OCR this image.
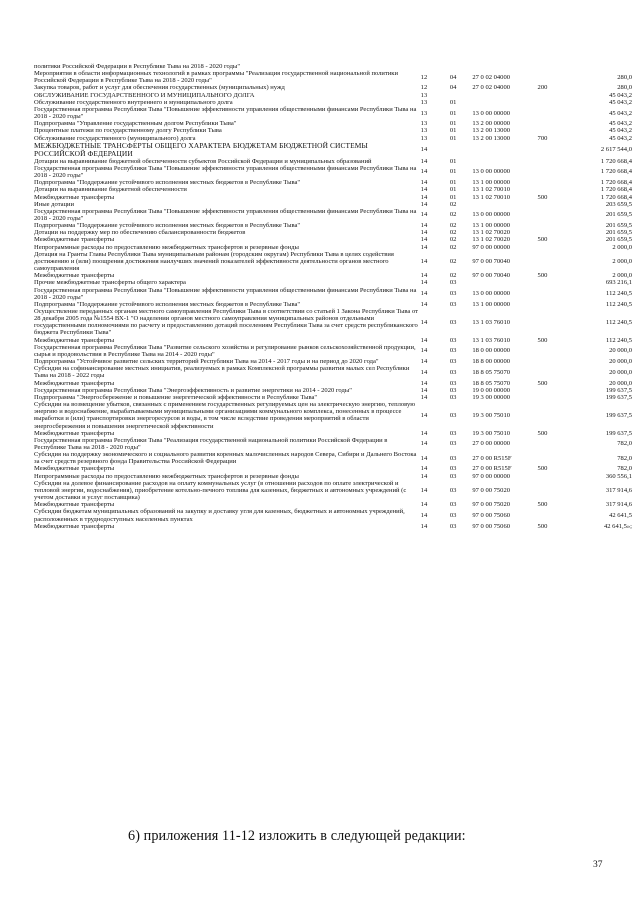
политики Российской Федерации в Республике Тыва на 2018 - 2020 годы"					
Мероприятия в области информационных технологий в рамках программы "Реализация государственной национальной политики Российской Федерации в Республике Тыва на 2018 - 2020 годы"	12	04	27 0 02 04000		280,0
Закупка товаров, работ и услуг для обеспечения государственных (муниципальных) нужд	12	04	27 0 02 04000	200	280,0
ОБСЛУЖИВАНИЕ ГОСУДАРСТВЕННОГО И МУНИЦИПАЛЬНОГО ДОЛГА	13				45 043,2
Обслуживание государственного внутреннего и муниципального долга	13	01			45 043,2
Государственная программа Республики Тыва "Повышение эффективности управления общественными финансами Республики Тыва на 2018 - 2020 годы"	13	01	13 0 00 00000		45 043,2
Подпрограмма "Управление государственным долгом Республики Тыва"	13	01	13 2 00 00000		45 043,2
Процентные платежи по государственному долгу Республики Тыва	13	01	13 2 00 13000		45 043,2
Обслуживание государственного (муниципального) долга	13	01	13 2 00 13000	700	45 043,2
МЕЖБЮДЖЕТНЫЕ ТРАНСФЕРТЫ ОБЩЕГО ХАРАКТЕРА БЮДЖЕТАМ БЮДЖЕТНОЙ СИСТЕМЫ РОССИЙСКОЙ ФЕДЕРАЦИИ	14				2 617 544,0
Дотации на выравнивание бюджетной обеспеченности субъектов Российской Федерации и муниципальных образований	14	01			1 720 668,4
Государственная программа Республики Тыва "Повышение эффективности управления общественными финансами Республики Тыва на 2018 - 2020 годы"	14	01	13 0 00 00000		1 720 668,4
Подпрограмма "Поддержание устойчивого исполнения местных бюджетов в Республике Тыва"	14	01	13 1 00 00000		1 720 668,4
Дотации на выравнивание бюджетной обеспеченности	14	01	13 1 02 70010		1 720 668,4
Межбюджетные трансферты	14	01	13 1 02 70010	500	1 720 668,4
Иные дотации	14	02			203 659,5
Государственная программа Республики Тыва "Повышение эффективности управления общественными финансами Республики Тыва на 2018 - 2020 годы"	14	02	13 0 00 00000		201 659,5
Подпрограмма "Поддержание устойчивого исполнения местных бюджетов в Республике Тыва"	14	02	13 1 00 00000		201 659,5
Дотации на поддержку мер по обеспечению сбалансированности бюджетов	14	02	13 1 02 70020		201 659,5
Межбюджетные трансферты	14	02	13 1 02 70020	500	201 659,5
Непрограммные расходы по предоставлению межбюджетных трансфертов и резервные фонды	14	02	97 0 00 00000		2 000,0
Дотация на Гранты Главы Республики Тыва муниципальным районам (городским округам) Республики Тыва в целях содействия достижению и (или) поощрения достижения наилучших значений показателей эффективности деятельности органов местного самоуправления	14	02	97 0 00 70040		2 000,0
Межбюджетные трансферты	14	02	97 0 00 70040	500	2 000,0
Прочие межбюджетные трансферты общего характера	14	03			693 216,1
Государственная программа Республики Тыва "Повышение эффективности управления общественными финансами Республики Тыва на 2018 - 2020 годы"	14	03	13 0 00 00000		112 240,5
Подпрограмма "Поддержание устойчивого исполнения местных бюджетов в Республике Тыва"	14	03	13 1 00 00000		112 240,5
Осуществление переданных органам местного самоуправления Республики Тыва в соответствии со статьей 1 Закона Республики Тыва от 28 декабря 2005 года №1554 ВХ-1 "О наделении органов местного самоуправления муниципальных районов отдельными государственными полномочиями по расчету и предоставлению дотаций поселениям Республики Тыва за счет средств республиканского бюджета Республики Тыва"	14	03	13 1 03 76010		112 240,5
Межбюджетные трансферты	14	03	13 1 03 76010	500	112 240,5
Государственная программа Республики Тыва "Развитие сельского хозяйства и регулирование рынков сельскохозяйственной продукции, сырья и продовольствия в Республике Тыва на 2014 - 2020 годы"	14	03	18 0 00 00000		20 000,0
Подпрограмма "Устойчивое развитие сельских территорий Республики Тыва на 2014 - 2017 годы и на период до 2020 года"	14	03	18 8 00 00000		20 000,0
Субсидия на софинансирование местных инициатив, реализуемых в рамках Комплексной программы развития малых сел Республики Тыва на 2018 - 2022 годы	14	03	18 8 05 75070		20 000,0
Межбюджетные трансферты	14	03	18 8 05 75070	500	20 000,0
Государственная программа Республики Тыва "Энергоэффективность и развитие энергетики на 2014 - 2020 годы"	14	03	19 0 00 00000		199 637,5
Подпрограмма "Энергосбережение и повышение энергетической эффективности в Республике Тыва"	14	03	19 3 00 00000		199 637,5
Субсидии на возмещение убытков, связанных с применением государственных регулируемых цен на электрическую энергию, тепловую энергию и водоснабжение, вырабатываемыми муниципальными организациями коммунального комплекса, понесенных в процессе выработки и (или) транспортировки энергоресурсов и воды, в том числе вследствие проведения мероприятий в области энергосбережения и повышения энергетической эффективности	14	03	19 3 00 75010		199 637,5
Межбюджетные трансферты	14	03	19 3 00 75010	500	199 637,5
Государственная программа Республики Тыва "Реализация государственной национальной политики Российской Федерации в Республике Тыва на 2018 - 2020 годы"	14	03	27 0 00 00000		782,0
Субсидия на поддержку экономического и социального развития коренных малочисленных народов Севера, Сибири и Дальнего Востока за счет средств резервного фонда Правительства Российской Федерации	14	03	27 0 00 R515F		782,0
Межбюджетные трансферты	14	03	27 0 00 R515F	500	782,0
Непрограммные расходы по предоставлению межбюджетных трансфертов и резервные фонды	14	03	97 0 00 00000		360 556,1
Субсидии на долевое финансирование расходов на оплату коммунальных услуг (в отношении расходов по оплате электрической и тепловой энергии, водоснабжения), приобретение котельно-печного топлива для казенных, бюджетных и автономных учреждений (с учетом доставки и услуг поставщика)	14	03	97 0 00 75020		317 914,6
Межбюджетные трансферты	14	03	97 0 00 75020	500	317 914,6
Субсидии бюджетам муниципальных образований на закупку и доставку угля для казенных, бюджетных и автономных учреждений, расположенных в труднодоступных населенных пунктах	14	03	97 0 00 75060		42 641,5
Межбюджетные трансферты	14	03	97 0 00 75060	500	42 641,5»;
6) приложения 11-12 изложить в следующей редакции:
37
